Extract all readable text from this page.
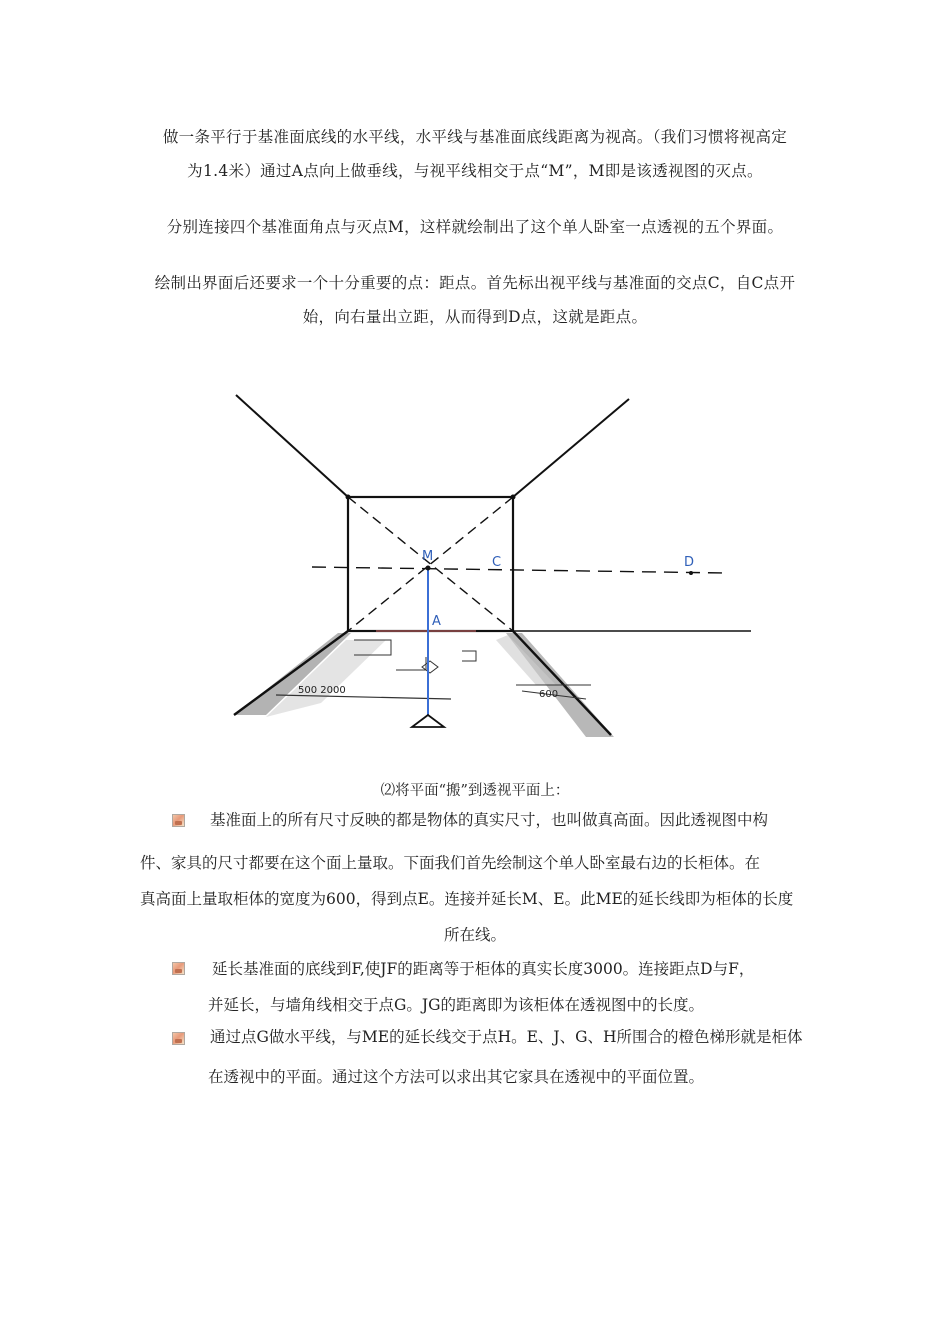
做一条平行于基准面底线的水平线，水平线与基准面底线距离为视高。（我们习惯将视高定
为1.4米）通过A点向上做垂线，与视平线相交于点“M”，M即是该透视图的灭点。
分别连接四个基准面角点与灭点M，这样就绘制出了这个单人卧室一点透视的五个界面。
绘制出界面后还要求一个十分重要的点：距点。首先标出视平线与基准面的交点C，自C点开
始，向右量出立距，从而得到D点，这就是距点。
M	C	D
A
500 2000	600
⑵将平面“搬”到透视平面上：
基准面上的所有尺寸反映的都是物体的真实尺寸，也叫做真高面。因此透视图中构
件、家具的尺寸都要在这个面上量取。下面我们首先绘制这个单人卧室最右边的长柜体。在
真高面上量取柜体的宽度为600，得到点E。连接并延长M、E。此ME的延长线即为柜体的长度
所在线。
延长基准面的底线到F,使JF的距离等于柜体的真实长度3000。连接距点D与F，
并延长，与墙角线相交于点G。JG的距离即为该柜体在透视图中的长度。
通过点G做水平线，与ME的延长线交于点H。E、J、G、H所围合的橙色梯形就是柜体
在透视中的平面。通过这个方法可以求出其它家具在透视中的平面位置。
